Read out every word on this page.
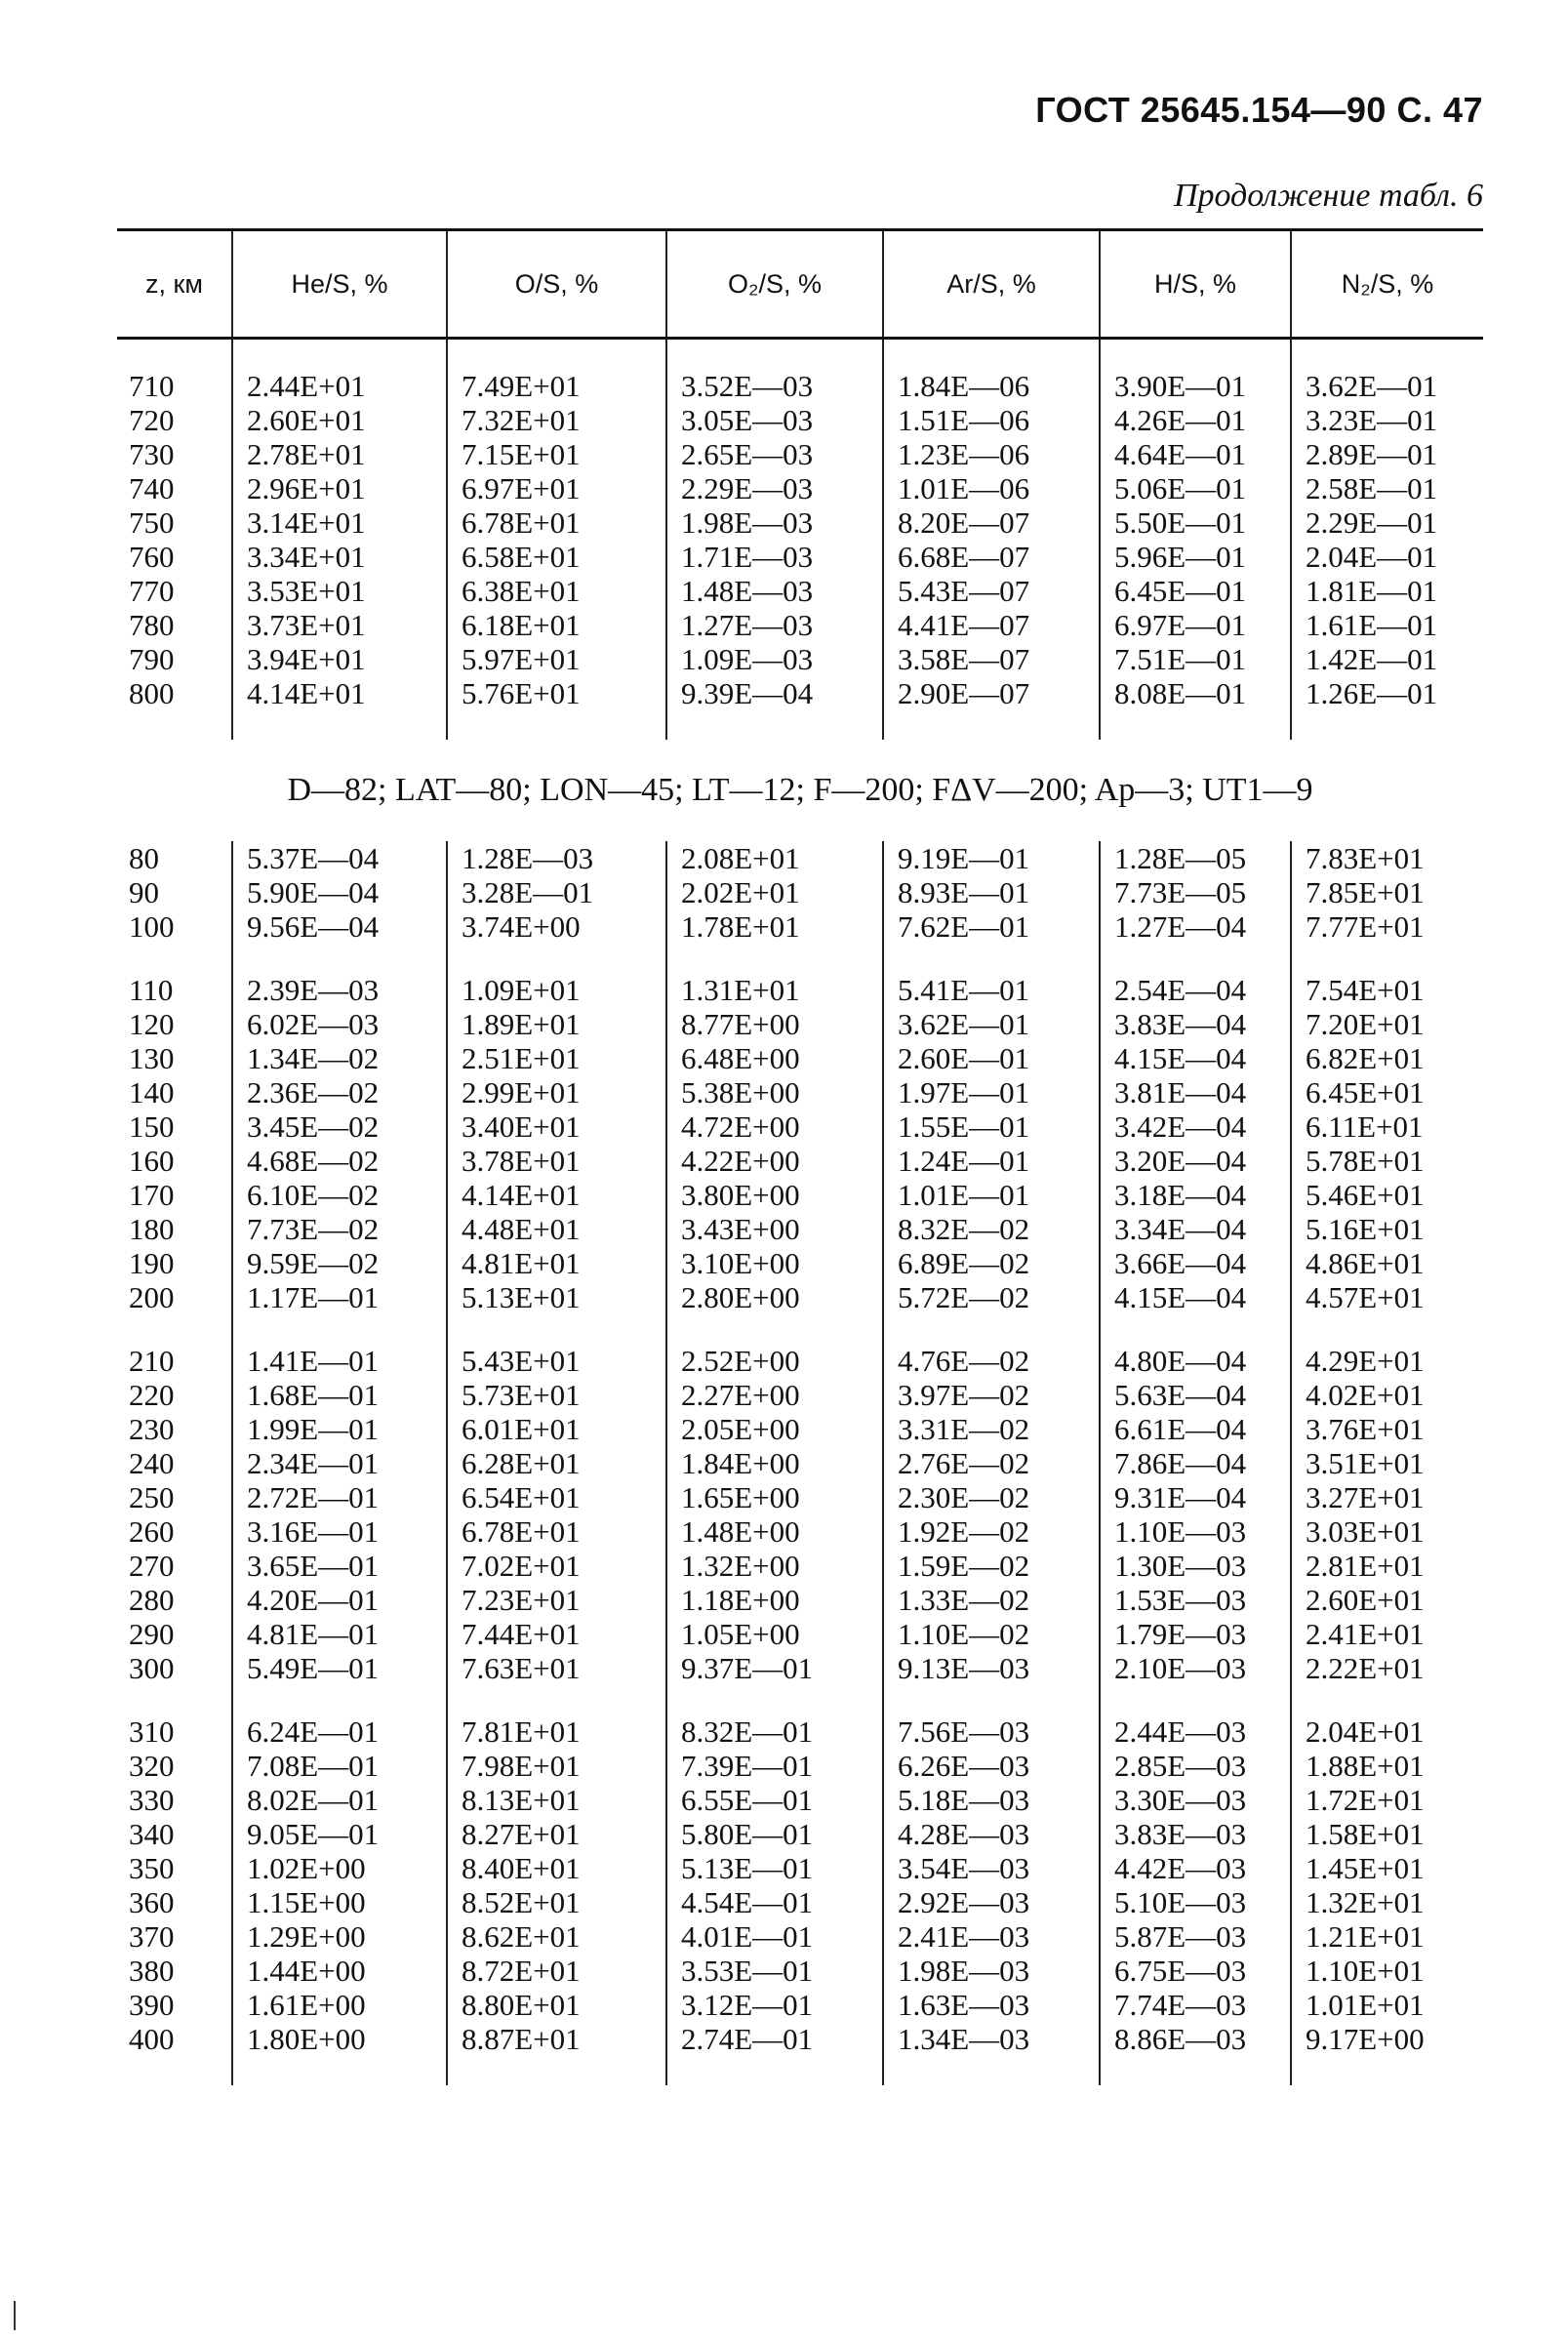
ГОСТ 25645.154—90 С. 47
Продолжение табл. 6
z, км	He/S, %	O/S, %	O₂/S, %	Ar/S, %	H/S, %	N₂/S, %

710	2.44E+01	7.49E+01	3.52E—03	1.84E—06	3.90E—01	3.62E—01
720	2.60E+01	7.32E+01	3.05E—03	1.51E—06	4.26E—01	3.23E—01
730	2.78E+01	7.15E+01	2.65E—03	1.23E—06	4.64E—01	2.89E—01
740	2.96E+01	6.97E+01	2.29E—03	1.01E—06	5.06E—01	2.58E—01
750	3.14E+01	6.78E+01	1.98E—03	8.20E—07	5.50E—01	2.29E—01
760	3.34E+01	6.58E+01	1.71E—03	6.68E—07	5.96E—01	2.04E—01
770	3.53E+01	6.38E+01	1.48E—03	5.43E—07	6.45E—01	1.81E—01
780	3.73E+01	6.18E+01	1.27E—03	4.41E—07	6.97E—01	1.61E—01
790	3.94E+01	5.97E+01	1.09E—03	3.58E—07	7.51E—01	1.42E—01
800	4.14E+01	5.76E+01	9.39E—04	2.90E—07	8.08E—01	1.26E—01

D—82; LAT—80; LON—45; LT—12; F—200; FΔV—200; Ap—3; UT1—9						
80	5.37E—04	1.28E—03	2.08E+01	9.19E—01	1.28E—05	7.83E+01
90	5.90E—04	3.28E—01	2.02E+01	8.93E—01	7.73E—05	7.85E+01
100	9.56E—04	3.74E+00	1.78E+01	7.62E—01	1.27E—04	7.77E+01

110	2.39E—03	1.09E+01	1.31E+01	5.41E—01	2.54E—04	7.54E+01
120	6.02E—03	1.89E+01	8.77E+00	3.62E—01	3.83E—04	7.20E+01
130	1.34E—02	2.51E+01	6.48E+00	2.60E—01	4.15E—04	6.82E+01
140	2.36E—02	2.99E+01	5.38E+00	1.97E—01	3.81E—04	6.45E+01
150	3.45E—02	3.40E+01	4.72E+00	1.55E—01	3.42E—04	6.11E+01
160	4.68E—02	3.78E+01	4.22E+00	1.24E—01	3.20E—04	5.78E+01
170	6.10E—02	4.14E+01	3.80E+00	1.01E—01	3.18E—04	5.46E+01
180	7.73E—02	4.48E+01	3.43E+00	8.32E—02	3.34E—04	5.16E+01
190	9.59E—02	4.81E+01	3.10E+00	6.89E—02	3.66E—04	4.86E+01
200	1.17E—01	5.13E+01	2.80E+00	5.72E—02	4.15E—04	4.57E+01

210	1.41E—01	5.43E+01	2.52E+00	4.76E—02	4.80E—04	4.29E+01
220	1.68E—01	5.73E+01	2.27E+00	3.97E—02	5.63E—04	4.02E+01
230	1.99E—01	6.01E+01	2.05E+00	3.31E—02	6.61E—04	3.76E+01
240	2.34E—01	6.28E+01	1.84E+00	2.76E—02	7.86E—04	3.51E+01
250	2.72E—01	6.54E+01	1.65E+00	2.30E—02	9.31E—04	3.27E+01
260	3.16E—01	6.78E+01	1.48E+00	1.92E—02	1.10E—03	3.03E+01
270	3.65E—01	7.02E+01	1.32E+00	1.59E—02	1.30E—03	2.81E+01
280	4.20E—01	7.23E+01	1.18E+00	1.33E—02	1.53E—03	2.60E+01
290	4.81E—01	7.44E+01	1.05E+00	1.10E—02	1.79E—03	2.41E+01
300	5.49E—01	7.63E+01	9.37E—01	9.13E—03	2.10E—03	2.22E+01

310	6.24E—01	7.81E+01	8.32E—01	7.56E—03	2.44E—03	2.04E+01
320	7.08E—01	7.98E+01	7.39E—01	6.26E—03	2.85E—03	1.88E+01
330	8.02E—01	8.13E+01	6.55E—01	5.18E—03	3.30E—03	1.72E+01
340	9.05E—01	8.27E+01	5.80E—01	4.28E—03	3.83E—03	1.58E+01
350	1.02E+00	8.40E+01	5.13E—01	3.54E—03	4.42E—03	1.45E+01
360	1.15E+00	8.52E+01	4.54E—01	2.92E—03	5.10E—03	1.32E+01
370	1.29E+00	8.62E+01	4.01E—01	2.41E—03	5.87E—03	1.21E+01
380	1.44E+00	8.72E+01	3.53E—01	1.98E—03	6.75E—03	1.10E+01
390	1.61E+00	8.80E+01	3.12E—01	1.63E—03	7.74E—03	1.01E+01
400	1.80E+00	8.87E+01	2.74E—01	1.34E—03	8.86E—03	9.17E+00
